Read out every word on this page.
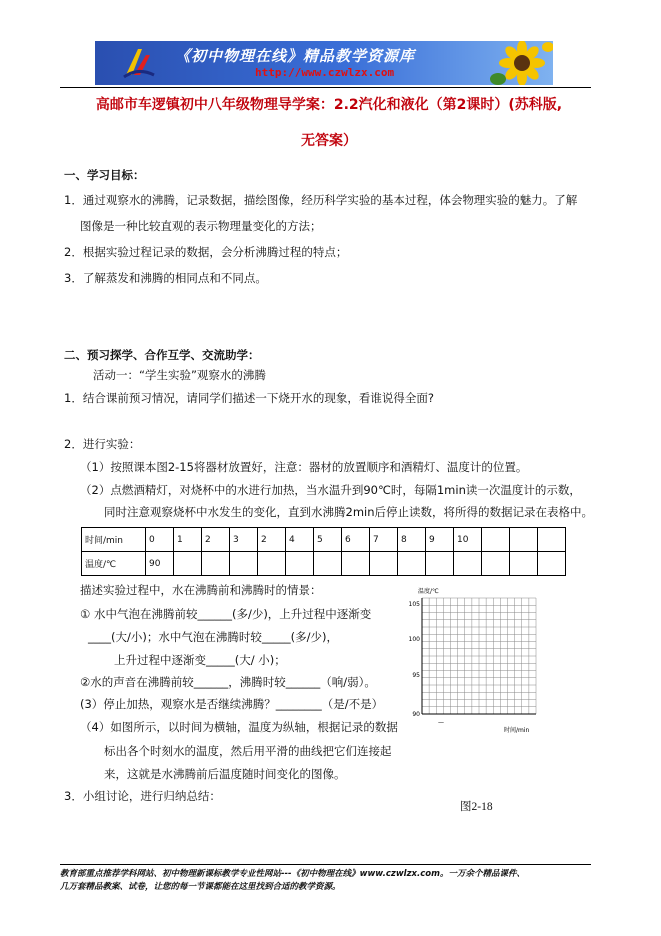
《初中物理在线》精品教学资源库
http://www.czwlzx.com
高邮市车逻镇初中八年级物理导学案：2.2汽化和液化（第2课时）(苏科版,
无答案）
一、学习目标：
1．通过观察水的沸腾，记录数据，描绘图像，经历科学实验的基本过程，体会物理实验的魅力。了解
图像是一种比较直观的表示物理量变化的方法；
2．根据实验过程记录的数据，会分析沸腾过程的特点；
3．了解蒸发和沸腾的相同点和不同点。
二、预习探学、合作互学、交流助学：
活动一：“学生实验”观察水的沸腾
1．结合课前预习情况，请同学们描述一下烧开水的现象，看谁说得全面?
2．进行实验：
（1）按照课本图2-15将器材放置好，注意：器材的放置顺序和酒精灯、温度计的位置。
（2）点燃酒精灯，对烧杯中的水进行加热，当水温升到90℃时，每隔1min读一次温度计的示数，
同时注意观察烧杯中水发生的变化，直到水沸腾2min后停止读数，将所得的数据记录在表格中。
时间/min	0	1	2	3	2	4	5	6	7	8	9	10			
温度/℃	90														
描述实验过程中，水在沸腾前和沸腾时的情景：
① 水中气泡在沸腾前较______(多/少)，上升过程中逐渐变
____(大/小)；水中气泡在沸腾时较_____(多/少)，
上升过程中逐渐变_____(大/ 小)；
②水的声音在沸腾前较______，沸腾时较______（响/弱）。
(3）停止加热，观察水是否继续沸腾？________（是/不是）
（4）如图所示，以时间为横轴，温度为纵轴，根据记录的数据
标出各个时刻水的温度，然后用平滑的曲线把它们连接起
来，这就是水沸腾前后温度随时间变化的图像。
3．小组讨论，进行归纳总结：
图2-18
温度/℃
105
100
95
90
—
时间/min
教育部重点推荐学科网站、初中物理新课标教学专业性网站---《初中物理在线》www.czwlzx.com。一万余个精品课件、
几万套精品教案、试卷，让您的每一节课都能在这里找到合适的教学资源。
